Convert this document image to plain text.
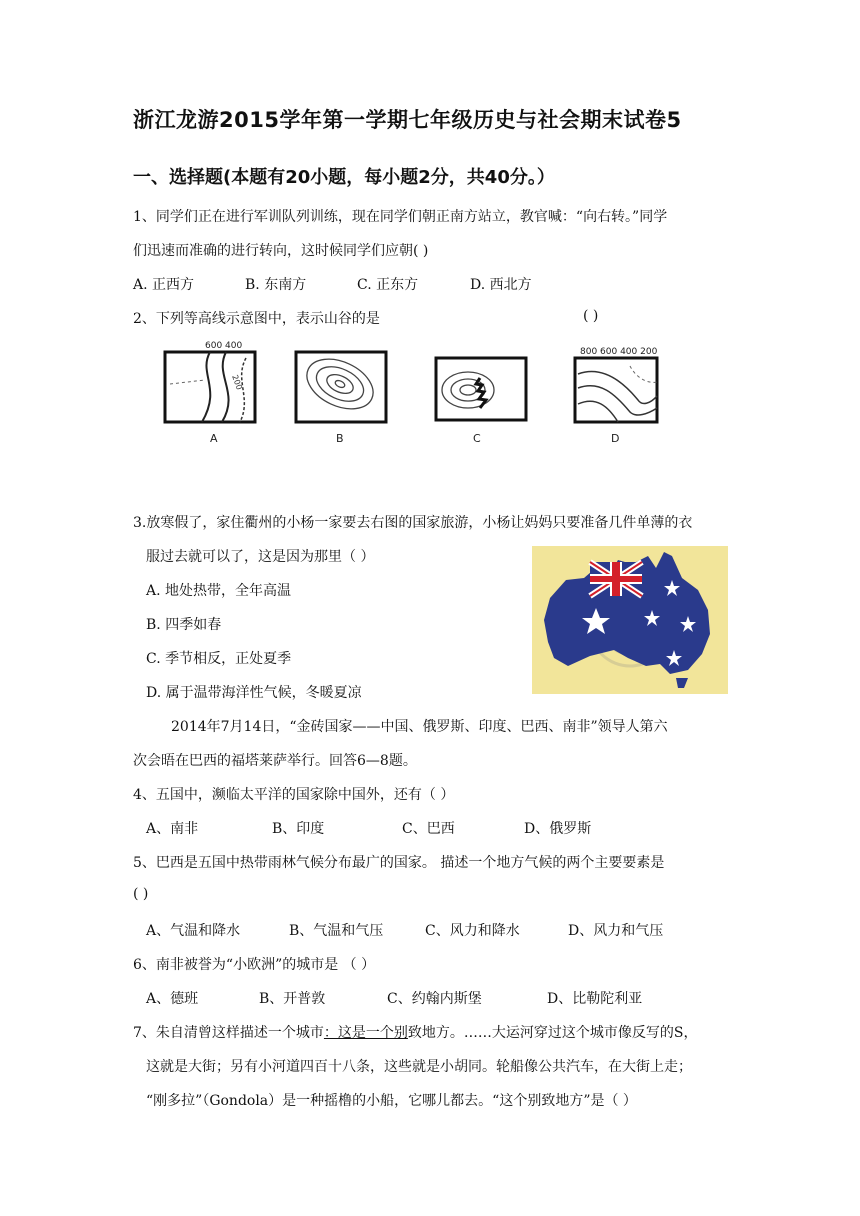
浙江龙游2015学年第一学期七年级历史与社会期末试卷5
一、选择题(本题有20小题，每小题2分，共40分。）
1、同学们正在进行军训队列训练，现在同学们朝正南方站立，教官喊：“向右转。”同学
们迅速而准确的进行转向，这时候同学们应朝( )
A. 正西方	B. 东南方	C. 正东方	D. 西北方
2、下列等高线示意图中，表示山谷的是	( )
600 400
200
A	B	C
800 600 400 200
D
3.放寒假了，家住衢州的小杨一家要去右图的国家旅游，小杨让妈妈只要准备几件单薄的衣
服过去就可以了，这是因为那里（ ）
A. 地处热带，全年高温
B. 四季如春
C. 季节相反，正处夏季
D. 属于温带海洋性气候，冬暖夏凉
2014年7月14日，“金砖国家——中国、俄罗斯、印度、巴西、南非”领导人第六
次会晤在巴西的福塔莱萨举行。回答6—8题。
4、五国中，濒临太平洋的国家除中国外，还有（ ）
A、南非	B、印度	C、巴西	D、俄罗斯
5、巴西是五国中热带雨林气候分布最广的国家。 描述一个地方气候的两个主要要素是
( )
A、气温和降水	B、气温和气压	C、风力和降水	D、风力和气压
6、南非被誉为“小欧洲”的城市是 （ ）
A、德班	B、开普敦	C、约翰内斯堡	D、比勒陀利亚
7、朱自清曾这样描述一个城市：这是一个别致地方。……大运河穿过这个城市像反写的S，
这就是大街；另有小河道四百十八条，这些就是小胡同。轮船像公共汽车，在大街上走；
“刚多拉”（Gondola）是一种摇橹的小船，它哪儿都去。“这个别致地方”是（ ）
